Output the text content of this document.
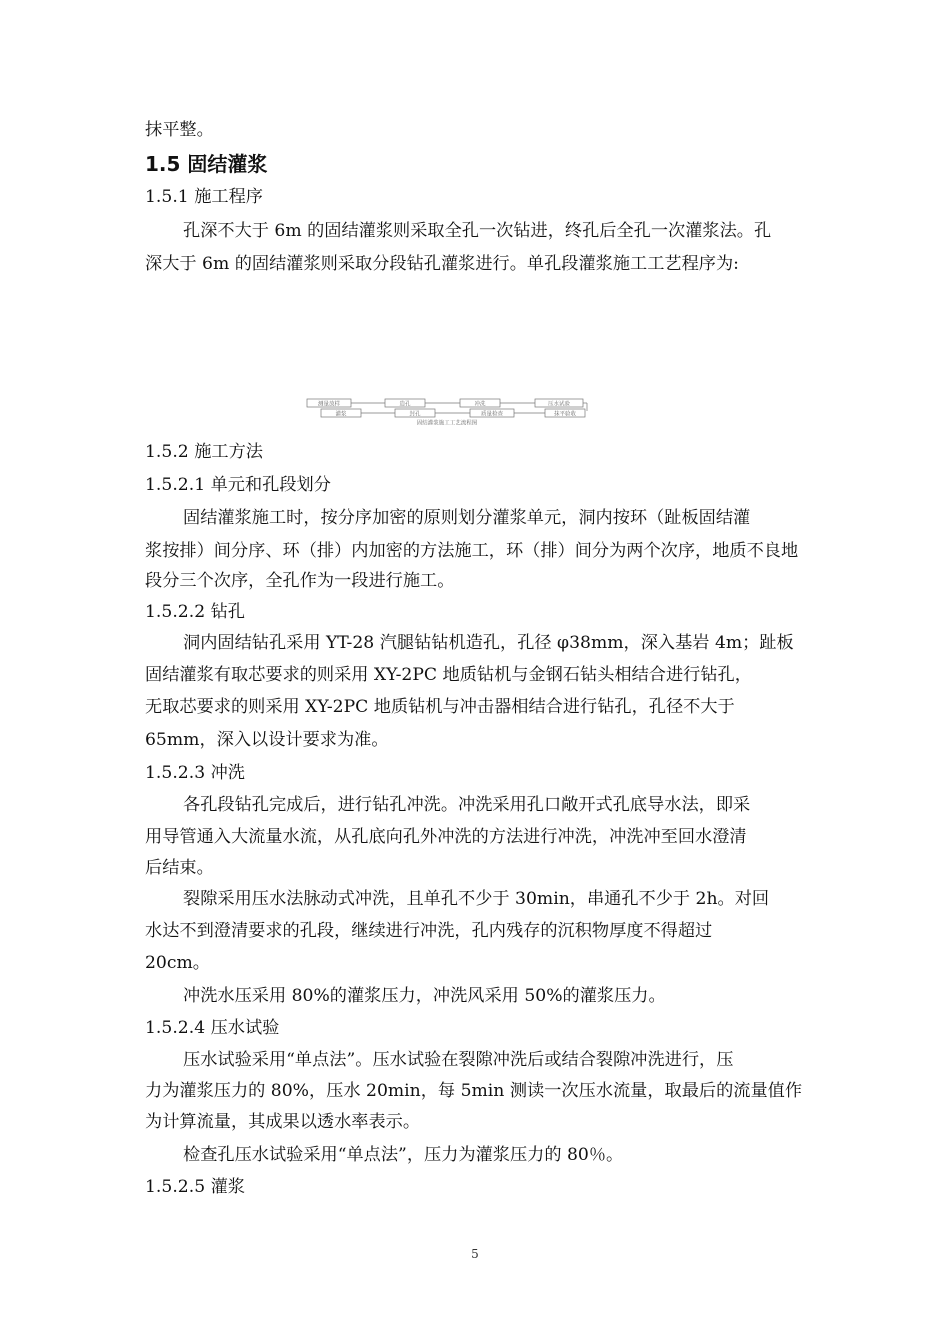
抹平整。
1.5 固结灌浆
1.5.1 施工程序
孔深不大于 6m 的固结灌浆则采取全孔一次钻进，终孔后全孔一次灌浆法。孔
深大于 6m 的固结灌浆则采取分段钻孔灌浆进行。单孔段灌浆施工工艺程序为:
测量放样	造孔	冲洗	压水试验
灌浆	封孔	质量检查	抹平验收
固结灌浆施工工艺流程图
1.5.2 施工方法
1.5.2.1 单元和孔段划分
固结灌浆施工时，按分序加密的原则划分灌浆单元，洞内按环（趾板固结灌
浆按排）间分序、环（排）内加密的方法施工，环（排）间分为两个次序，地质不良地
段分三个次序，全孔作为一段进行施工。
1.5.2.2 钻孔
洞内固结钻孔采用 YT-28 汽腿钻钻机造孔，孔径 φ38mm，深入基岩 4m；趾板
固结灌浆有取芯要求的则采用 XY-2PC 地质钻机与金钢石钻头相结合进行钻孔，
无取芯要求的则采用 XY-2PC 地质钻机与冲击器相结合进行钻孔，孔径不大于
65mm，深入以设计要求为准。
1.5.2.3 冲洗
各孔段钻孔完成后，进行钻孔冲洗。冲洗采用孔口敞开式孔底导水法，即采
用导管通入大流量水流，从孔底向孔外冲洗的方法进行冲洗，冲洗冲至回水澄清
后结束。
裂隙采用压水法脉动式冲洗，且单孔不少于 30min，串通孔不少于 2h。对回
水达不到澄清要求的孔段，继续进行冲洗，孔内残存的沉积物厚度不得超过
20cm。
冲洗水压采用 80%的灌浆压力，冲洗风采用 50%的灌浆压力。
1.5.2.4 压水试验
压水试验采用“单点法”。压水试验在裂隙冲洗后或结合裂隙冲洗进行，压
力为灌浆压力的 80%，压水 20min，每 5min 测读一次压水流量，取最后的流量值作
为计算流量，其成果以透水率表示。
检查孔压水试验采用“单点法”，压力为灌浆压力的 80％。
1.5.2.5 灌浆
5
